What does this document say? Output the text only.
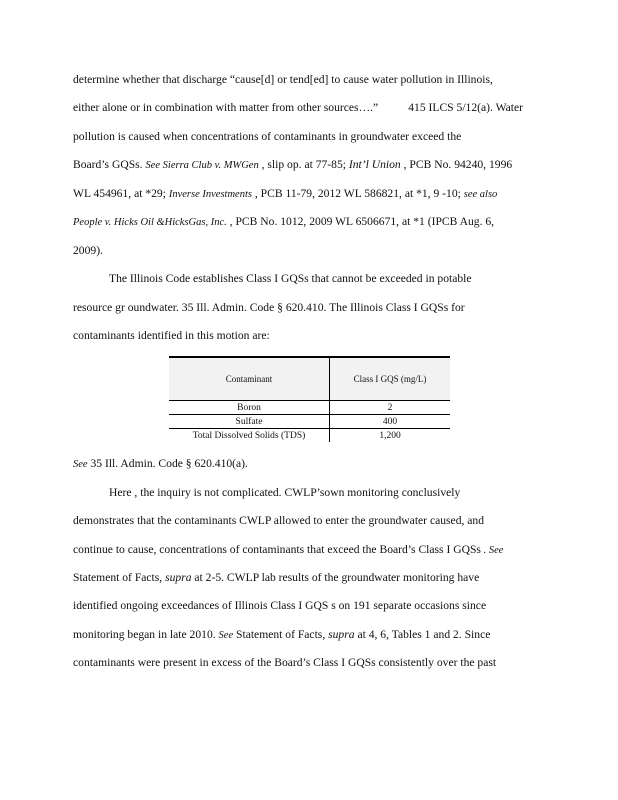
determine whether that discharge “cause[d] or tend[ed] to cause water pollution in Illinois,
either alone or in combination with matter from other sources….”	415 ILCS 5/12(a). Water
pollution is caused when concentrations of contaminants in groundwater exceed the
Board’s GQSs. See Sierra Club v. MWGen , slip op. at 77-85; Int’l Union , PCB No. 94240, 1996
WL 454961, at *29; Inverse Investments , PCB 11-79, 2012 WL 586821, at *1, 9 -10; see also
People v. Hicks Oil &HicksGas, Inc. , PCB No. 1012, 2009 WL 6506671, at *1 (IPCB Aug. 6,
2009).
The Illinois Code establishes Class I GQSs that cannot be exceeded in potable
resource gr oundwater. 35 Ill. Admin. Code § 620.410. The Illinois Class I GQSs for
contaminants identified in this motion are:
Contaminant	Class I GQS (mg/L)
Boron	2
Sulfate	400
Total Dissolved Solids (TDS)	1,200
See 35 Ill. Admin. Code § 620.410(a).
Here , the inquiry is not complicated. CWLP’sown monitoring conclusively
demonstrates that the contaminants CWLP allowed to enter the groundwater caused, and
continue to cause, concentrations of contaminants that exceed the Board’s Class I GQSs . See
Statement of Facts, supra at 2-5. CWLP lab results of the groundwater monitoring have
identified ongoing exceedances of Illinois Class I GQS s on 191 separate occasions since
monitoring began in late 2010. See Statement of Facts, supra at 4, 6, Tables 1 and 2. Since
contaminants were present in excess of the Board’s Class I GQSs consistently over the past
